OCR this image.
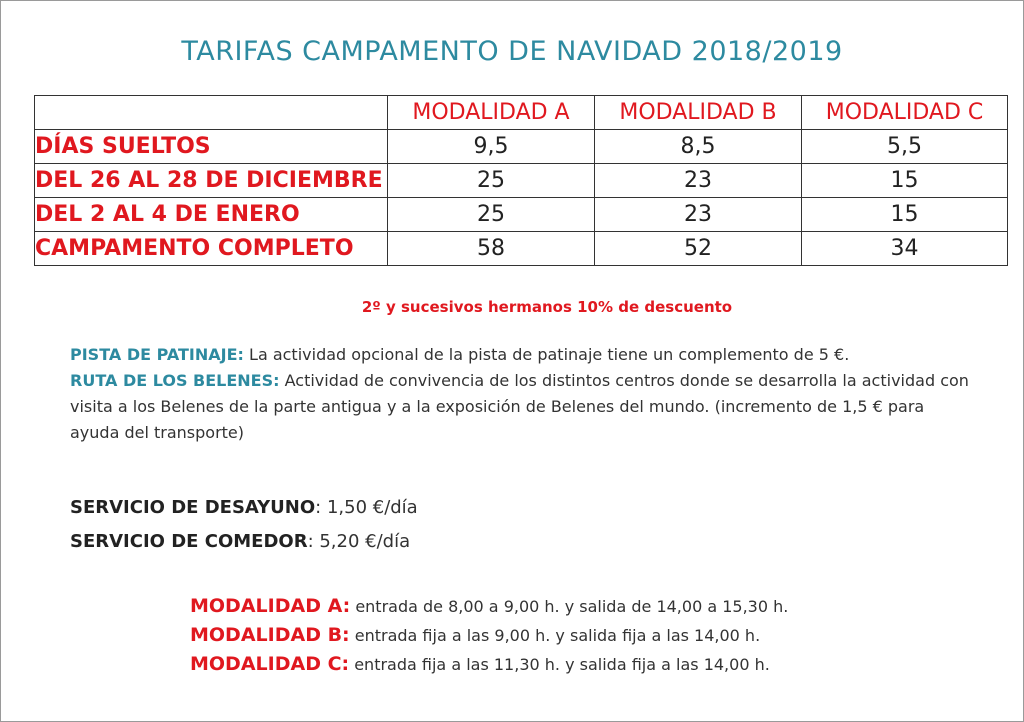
TARIFAS CAMPAMENTO DE NAVIDAD 2018/2019
	MODALIDAD A	MODALIDAD B	MODALIDAD C
DÍAS SUELTOS	9,5	8,5	5,5
DEL 26 AL 28 DE DICIEMBRE	25	23	15
DEL 2 AL 4 DE ENERO	25	23	15
CAMPAMENTO COMPLETO	58	52	34
2º y sucesivos hermanos 10% de descuento
PISTA DE PATINAJE: La actividad opcional de la pista de patinaje tiene un complemento de 5 €.
RUTA DE LOS BELENES: Actividad de convivencia de los distintos centros donde se desarrolla la actividad con visita a los Belenes de la parte antigua y a la exposición de Belenes del mundo. (incremento de 1,5 € para ayuda del transporte)
SERVICIO DE DESAYUNO: 1,50 €/día
SERVICIO DE COMEDOR: 5,20 €/día
MODALIDAD A: entrada de 8,00 a 9,00 h. y salida de 14,00 a 15,30 h.
MODALIDAD B: entrada fija a las 9,00 h. y salida fija a las 14,00 h.
MODALIDAD C: entrada fija a las 11,30 h. y salida fija a las 14,00 h.
